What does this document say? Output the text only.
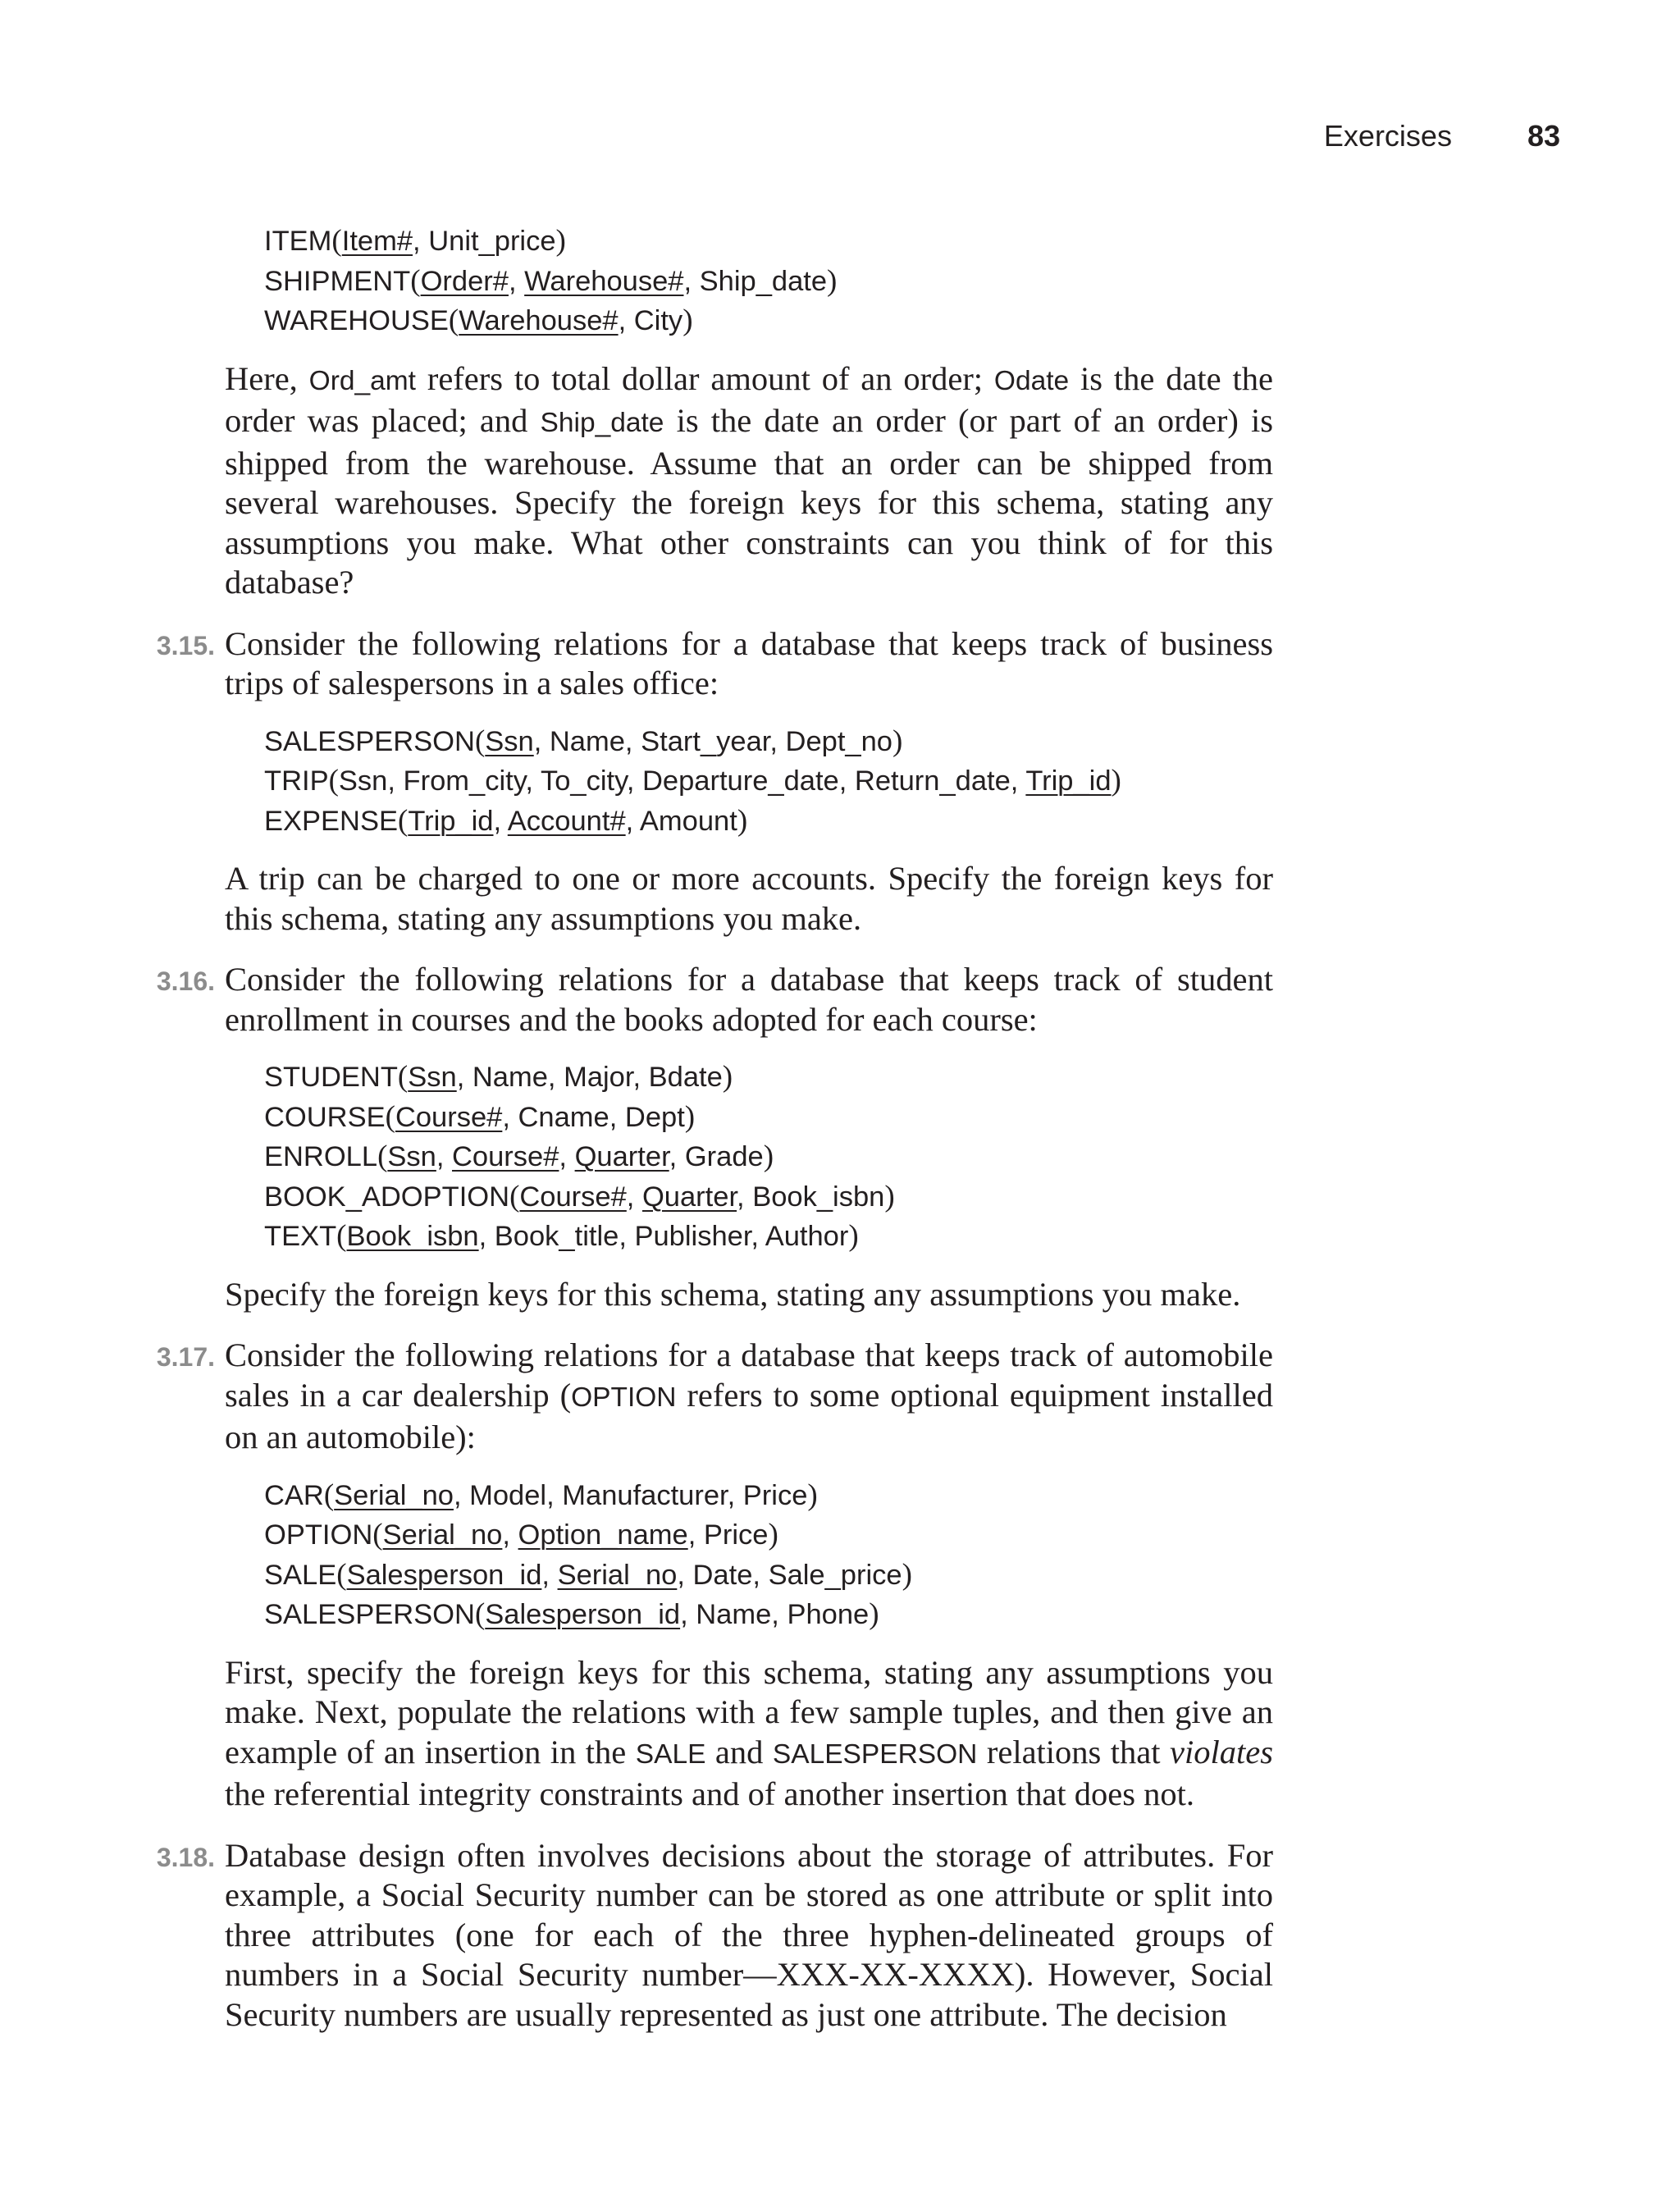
Exercises	83
ITEM(Item#, Unit_price)
SHIPMENT(Order#, Warehouse#, Ship_date)
WAREHOUSE(Warehouse#, City)
Here, Ord_amt refers to total dollar amount of an order; Odate is the date the order was placed; and Ship_date is the date an order (or part of an order) is shipped from the warehouse. Assume that an order can be shipped from several warehouses. Specify the foreign keys for this schema, stating any assumptions you make. What other constraints can you think of for this database?
3.15. Consider the following relations for a database that keeps track of business trips of salespersons in a sales office:
SALESPERSON(Ssn, Name, Start_year, Dept_no)
TRIP(Ssn, From_city, To_city, Departure_date, Return_date, Trip_id)
EXPENSE(Trip_id, Account#, Amount)
A trip can be charged to one or more accounts. Specify the foreign keys for this schema, stating any assumptions you make.
3.16. Consider the following relations for a database that keeps track of student enrollment in courses and the books adopted for each course:
STUDENT(Ssn, Name, Major, Bdate)
COURSE(Course#, Cname, Dept)
ENROLL(Ssn, Course#, Quarter, Grade)
BOOK_ADOPTION(Course#, Quarter, Book_isbn)
TEXT(Book_isbn, Book_title, Publisher, Author)
Specify the foreign keys for this schema, stating any assumptions you make.
3.17. Consider the following relations for a database that keeps track of automobile sales in a car dealership (OPTION refers to some optional equipment installed on an automobile):
CAR(Serial_no, Model, Manufacturer, Price)
OPTION(Serial_no, Option_name, Price)
SALE(Salesperson_id, Serial_no, Date, Sale_price)
SALESPERSON(Salesperson_id, Name, Phone)
First, specify the foreign keys for this schema, stating any assumptions you make. Next, populate the relations with a few sample tuples, and then give an example of an insertion in the SALE and SALESPERSON relations that violates the referential integrity constraints and of another insertion that does not.
3.18. Database design often involves decisions about the storage of attributes. For example, a Social Security number can be stored as one attribute or split into three attributes (one for each of the three hyphen-delineated groups of numbers in a Social Security number—XXX-XX-XXXX). However, Social Security numbers are usually represented as just one attribute. The decision
